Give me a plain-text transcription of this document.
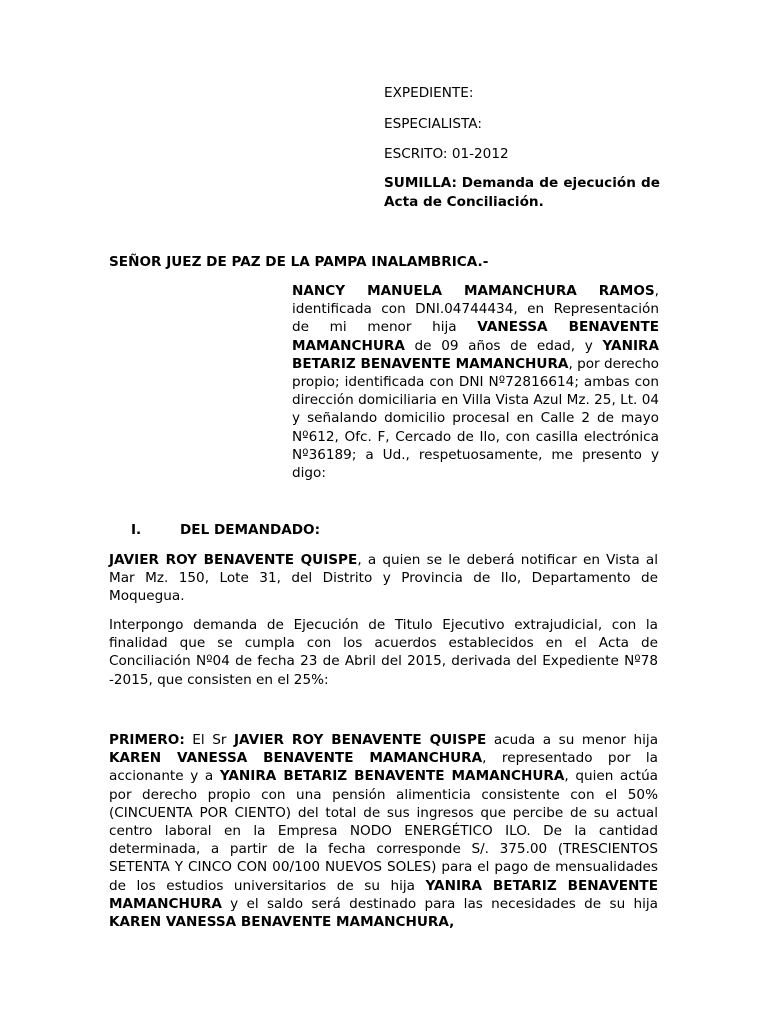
EXPEDIENTE:

ESPECIALISTA:

ESCRITO: 01-2012

SUMILLA: Demanda de ejecución de Acta de Conciliación.

SEÑOR JUEZ DE PAZ DE LA PAMPA INALAMBRICA.-

NANCY MANUELA MAMANCHURA RAMOS, identificada con DNI.04744434, en Representación de mi menor hija VANESSA BENAVENTE MAMANCHURA de 09 años de edad, y YANIRA BETARIZ BENAVENTE MAMANCHURA, por derecho propio; identificada con DNI Nº72816614; ambas con dirección domiciliaria en Villa Vista Azul Mz. 25, Lt. 04 y señalando domicilio procesal en Calle 2 de mayo Nº612, Ofc. F, Cercado de Ilo, con casilla electrónica Nº36189; a Ud., respetuosamente, me presento y digo:

I.	DEL DEMANDADO:

JAVIER ROY BENAVENTE QUISPE, a quien se le deberá notificar en Vista al Mar Mz. 150, Lote 31, del Distrito y Provincia de Ilo, Departamento de Moquegua.

Interpongo demanda de Ejecución de Titulo Ejecutivo extrajudicial, con la finalidad que se cumpla con los acuerdos establecidos en el Acta de Conciliación Nº04 de fecha 23 de Abril del 2015, derivada del Expediente Nº78 -2015, que consisten en el 25%:

PRIMERO: El Sr JAVIER ROY BENAVENTE QUISPE acuda a su menor hija KAREN VANESSA BENAVENTE MAMANCHURA, representado por la accionante y a YANIRA BETARIZ BENAVENTE MAMANCHURA, quien actúa por derecho propio con una pensión alimenticia consistente con el 50% (CINCUENTA POR CIENTO) del total de sus ingresos que percibe de su actual centro laboral en la Empresa NODO ENERGÉTICO ILO. De la cantidad determinada, a partir de la fecha corresponde S/. 375.00 (TRESCIENTOS SETENTA Y CINCO CON 00/100 NUEVOS SOLES) para el pago de mensualidades de los estudios universitarios de su hija YANIRA BETARIZ BENAVENTE MAMANCHURA y el saldo será destinado para las necesidades de su hija KAREN VANESSA BENAVENTE MAMANCHURA,
